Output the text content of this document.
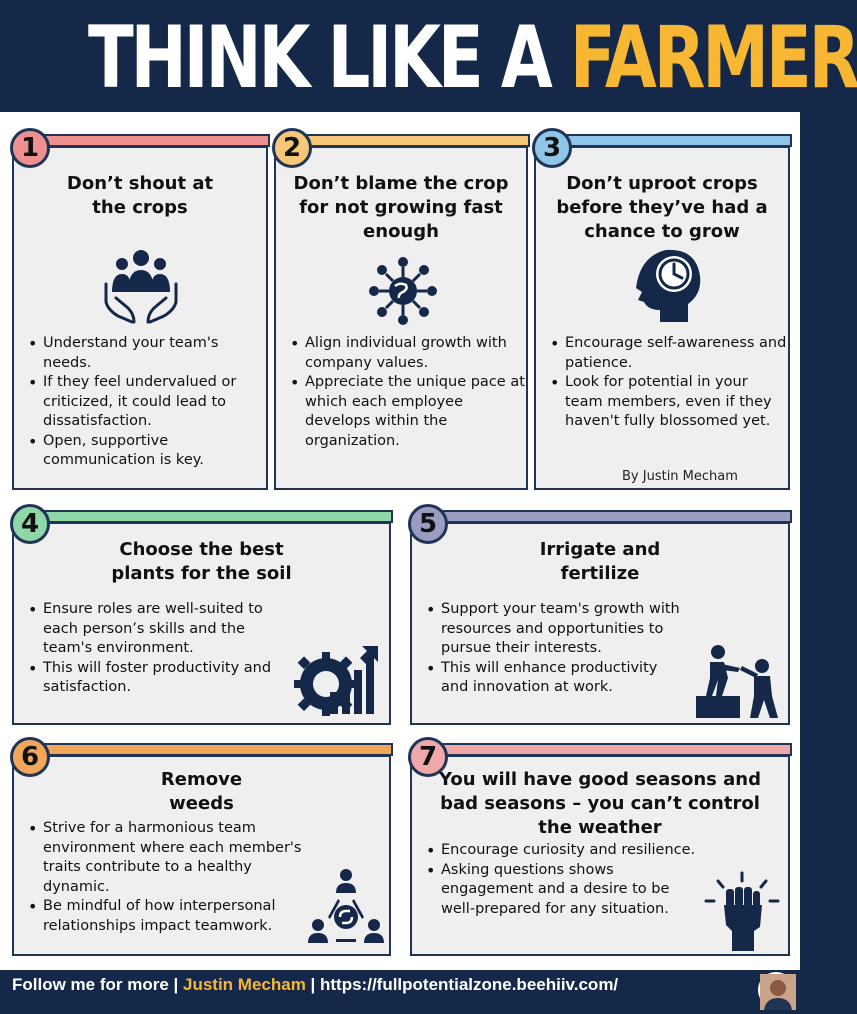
THINK LIKE A FARMER
1
Don’t shout at
the crops
• Understand your team's needs.
• If they feel undervalued or criticized, it could lead to dissatisfaction.
• Open, supportive communication is key.
2
Don’t blame the crop
for not growing fast
enough
• Align individual growth with company values.
• Appreciate the unique pace at which each employee develops within the organization.
3
Don’t uproot crops
before they’ve had a
chance to grow
• Encourage self-awareness and patience.
• Look for potential in your team members, even if they haven't fully blossomed yet.
By Justin Mecham
4
Choose the best
plants for the soil
• Ensure roles are well-suited to each person’s skills and the team's environment.
• This will foster productivity and satisfaction.
5
Irrigate and
fertilize
• Support your team's growth with resources and opportunities to pursue their interests.
• This will enhance productivity and innovation at work.
6
Remove
weeds
• Strive for a harmonious team environment where each member's traits contribute to a healthy dynamic.
• Be mindful of how interpersonal relationships impact teamwork.
7
You will have good seasons and
bad seasons – you can’t control
the weather
• Encourage curiosity and resilience.
• Asking questions shows engagement and a desire to be well-prepared for any situation.
Follow me for more | Justin Mecham | https://fullpotentialzone.beehiiv.com/
